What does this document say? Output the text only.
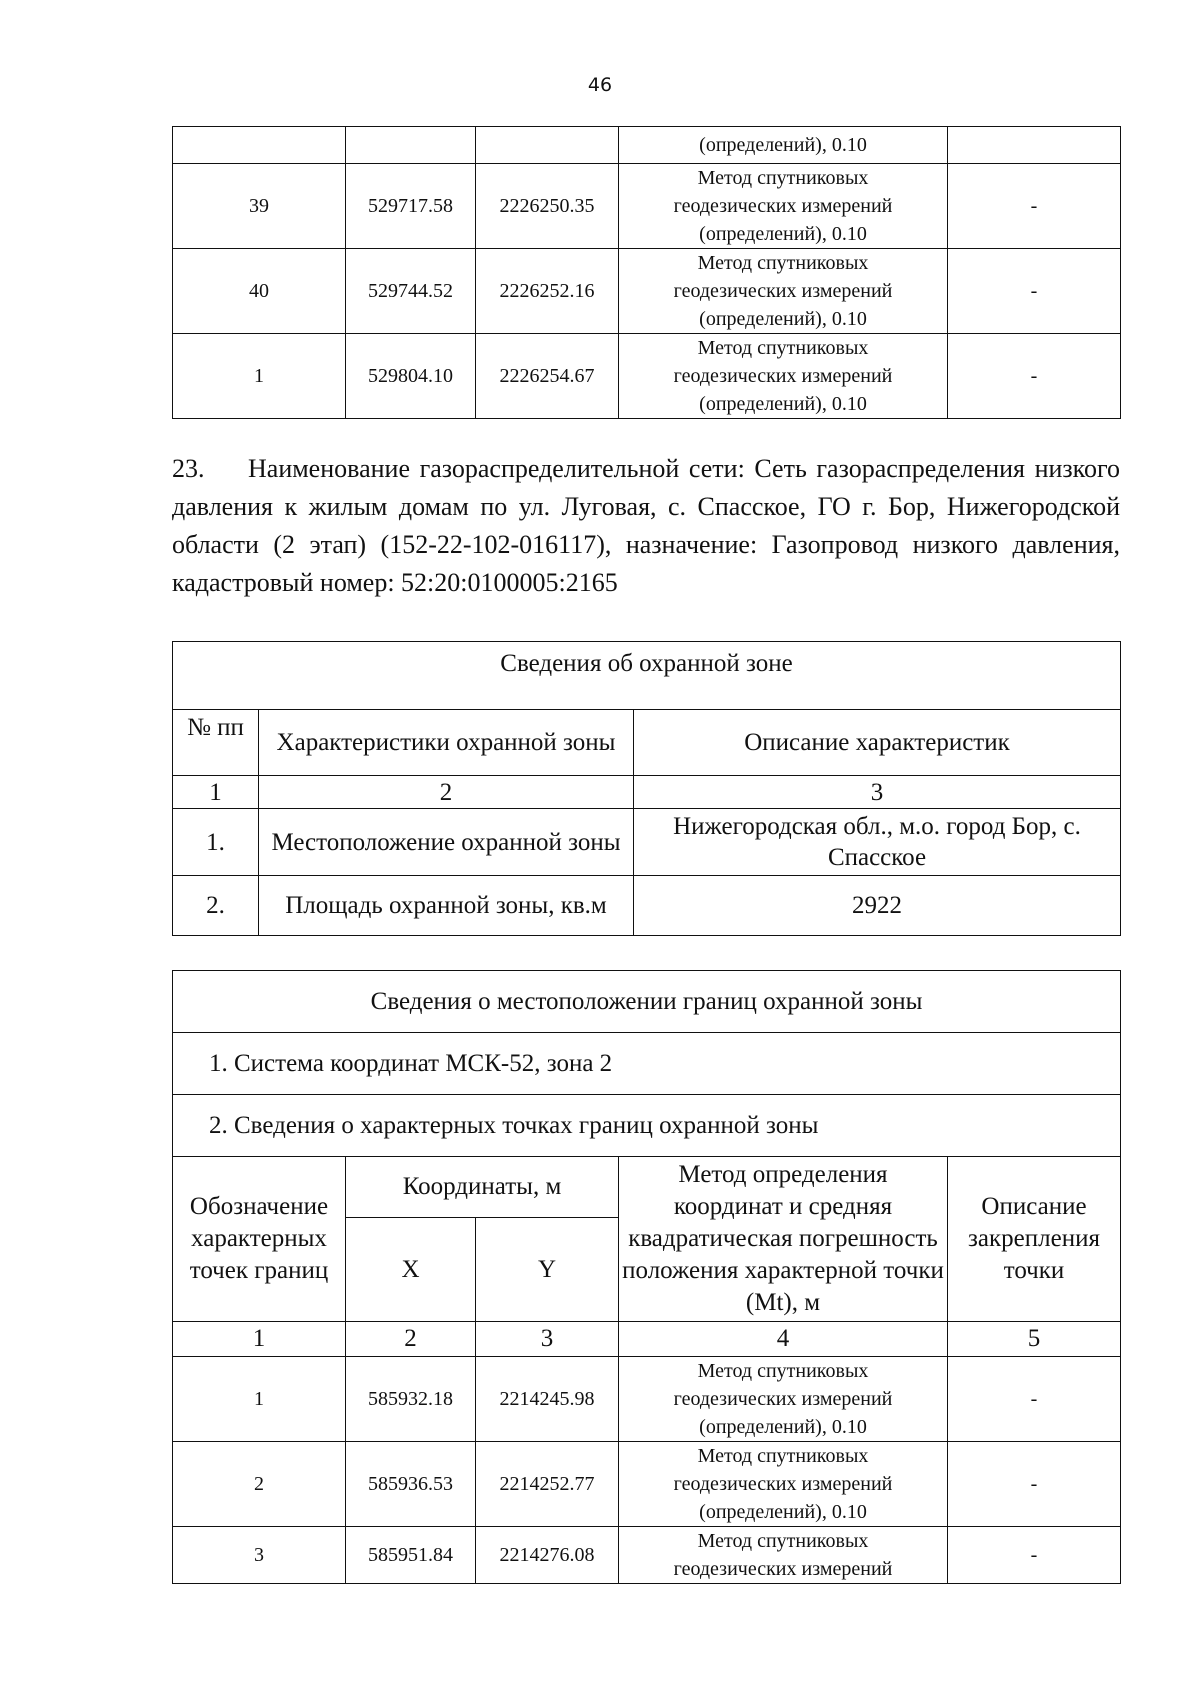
46
			(определений), 0.10	
39	529717.58	2226250.35	Метод спутниковых
геодезических измерений
(определений), 0.10	-
40	529744.52	2226252.16	Метод спутниковых
геодезических измерений
(определений), 0.10	-
1	529804.10	2226254.67	Метод спутниковых
геодезических измерений
(определений), 0.10	-
23. Наименование газораспределительной сети: Сеть газораспределения низкого давления к жилым домам по ул. Луговая, с. Спасское, ГО г. Бор, Нижегородской области (2 этап) (152-22-102-016117), назначение: Газопровод низкого давления, кадастровый номер: 52:20:0100005:2165
Сведения об охранной зоне		
№ пп	Характеристики охранной зоны	Описание характеристик
1	2	3
1.	Местоположение охранной зоны	Нижегородская обл., м.о. город Бор, с. Спасское
2.	Площадь охранной зоны, кв.м	2922
Сведения о местоположении границ охранной зоны				
1. Система координат МСК-52, зона 2				
2. Сведения о характерных точках границ охранной зоны				
Обозначение характерных точек границ	Координаты, м		Метод определения координат и средняя квадратическая погрешность положения характерной точки (Mt), м	Описание закрепления точки
	X	Y		
1	2	3	4	5
1	585932.18	2214245.98	Метод спутниковых
геодезических измерений
(определений), 0.10	-
2	585936.53	2214252.77	Метод спутниковых
геодезических измерений
(определений), 0.10	-
3	585951.84	2214276.08	Метод спутниковых
геодезических измерений	-
